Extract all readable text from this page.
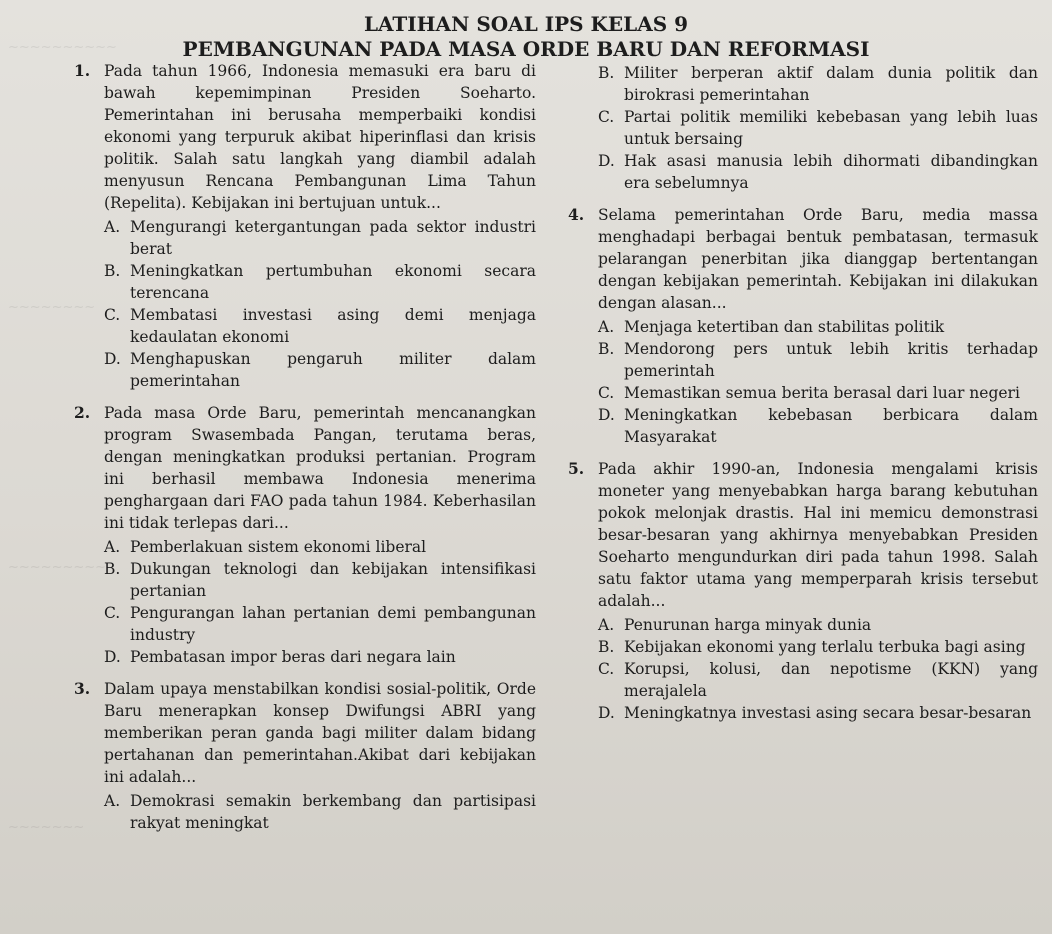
~~~~~~~~~~
~~~~~~~~
~~~~~~~~~
~~~~~~~
LATIHAN SOAL IPS KELAS 9
PEMBANGUNAN PADA MASA ORDE BARU DAN REFORMASI
1. Pada tahun 1966, Indonesia memasuki era baru di bawah kepemimpinan Presiden Soeharto. Pemerintahan ini berusaha memperbaiki kondisi ekonomi yang terpuruk akibat hiperinflasi dan krisis politik. Salah satu langkah yang diambil adalah menyusun Rencana Pembangunan Lima Tahun (Repelita). Kebijakan ini bertujuan untuk...
A. Mengurangi ketergantungan pada sektor industri berat
B. Meningkatkan pertumbuhan ekonomi secara terencana
C. Membatasi investasi asing demi menjaga kedaulatan ekonomi
D. Menghapuskan pengaruh militer dalam pemerintahan
2. Pada masa Orde Baru, pemerintah mencanangkan program Swasembada Pangan, terutama beras, dengan meningkatkan produksi pertanian. Program ini berhasil membawa Indonesia menerima penghargaan dari FAO pada tahun 1984. Keberhasilan ini tidak terlepas dari...
A. Pemberlakuan sistem ekonomi liberal
B. Dukungan teknologi dan kebijakan intensifikasi pertanian
C. Pengurangan lahan pertanian demi pembangunan industry
D. Pembatasan impor beras dari negara lain
3. Dalam upaya menstabilkan kondisi sosial-politik, Orde Baru menerapkan konsep Dwifungsi ABRI yang memberikan peran ganda bagi militer dalam bidang pertahanan dan pemerintahan.Akibat dari kebijakan ini adalah...
A. Demokrasi semakin berkembang dan partisipasi rakyat meningkat
B. Militer berperan aktif dalam dunia politik dan birokrasi pemerintahan
C. Partai politik memiliki kebebasan yang lebih luas untuk bersaing
D. Hak asasi manusia lebih dihormati dibandingkan era sebelumnya
4. Selama pemerintahan Orde Baru, media massa menghadapi berbagai bentuk pembatasan, termasuk pelarangan penerbitan jika dianggap bertentangan dengan kebijakan pemerintah. Kebijakan ini dilakukan dengan alasan...
A. Menjaga ketertiban dan stabilitas politik
B. Mendorong pers untuk lebih kritis terhadap pemerintah
C. Memastikan semua berita berasal dari luar negeri
D. Meningkatkan kebebasan berbicara dalam Masyarakat
5. Pada akhir 1990-an, Indonesia mengalami krisis moneter yang menyebabkan harga barang kebutuhan pokok melonjak drastis. Hal ini memicu demonstrasi besar-besaran yang akhirnya menyebabkan Presiden Soeharto mengundurkan diri pada tahun 1998. Salah satu faktor utama yang memperparah krisis tersebut adalah...
A. Penurunan harga minyak dunia
B. Kebijakan ekonomi yang terlalu terbuka bagi asing
C. Korupsi, kolusi, dan nepotisme (KKN) yang merajalela
D. Meningkatnya investasi asing secara besar-besaran
